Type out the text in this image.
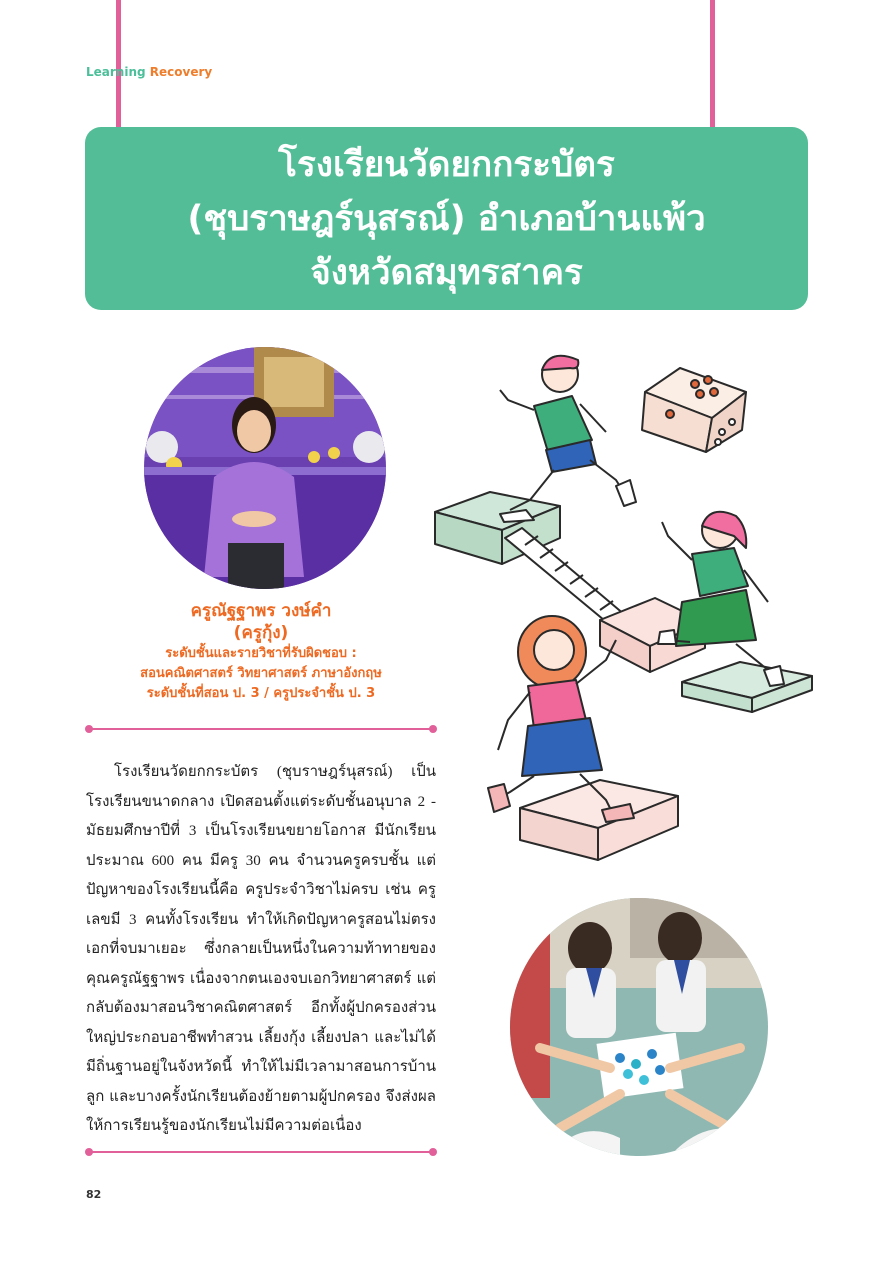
Learning Recovery
โรงเรียนวัดยกกระบัตร
(ชุบราษฎร์นุสรณ์) อำเภอบ้านแพ้ว
จังหวัดสมุทรสาคร
ครูณัฐฐาพร วงษ์คำ
(ครูกุ้ง)
ระดับชั้นและรายวิชาที่รับผิดชอบ :
สอนคณิตศาสตร์ วิทยาศาสตร์ ภาษาอังกฤษ
ระดับชั้นที่สอน ป. 3 / ครูประจำชั้น ป. 3
โรงเรียนวัดยกกระบัตร (ชุบราษฎร์นุสรณ์) เป็นโรงเรียนขนาดกลาง เปิดสอนตั้งแต่ระดับชั้นอนุบาล 2 - มัธยมศึกษาปีที่ 3 เป็นโรงเรียนขยายโอกาส มีนักเรียนประมาณ 600 คน มีครู 30 คน จำนวนครูครบชั้น แต่ปัญหาของโรงเรียนนี้คือ ครูประจำวิชาไม่ครบ เช่น ครูเลขมี 3 คนทั้งโรงเรียน ทำให้เกิดปัญหาครูสอนไม่ตรงเอกที่จบมาเยอะ ซึ่งกลายเป็นหนึ่งในความท้าทายของคุณครูณัฐฐาพร เนื่องจากตนเองจบเอกวิทยาศาสตร์ แต่กลับต้องมาสอนวิชาคณิตศาสตร์ อีกทั้งผู้ปกครองส่วนใหญ่ประกอบอาชีพทำสวน เลี้ยงกุ้ง เลี้ยงปลา และไม่ได้มีถิ่นฐานอยู่ในจังหวัดนี้ ทำให้ไม่มีเวลามาสอนการบ้านลูก และบางครั้งนักเรียนต้องย้ายตามผู้ปกครอง จึงส่งผลให้การเรียนรู้ของนักเรียนไม่มีความต่อเนื่อง
82
